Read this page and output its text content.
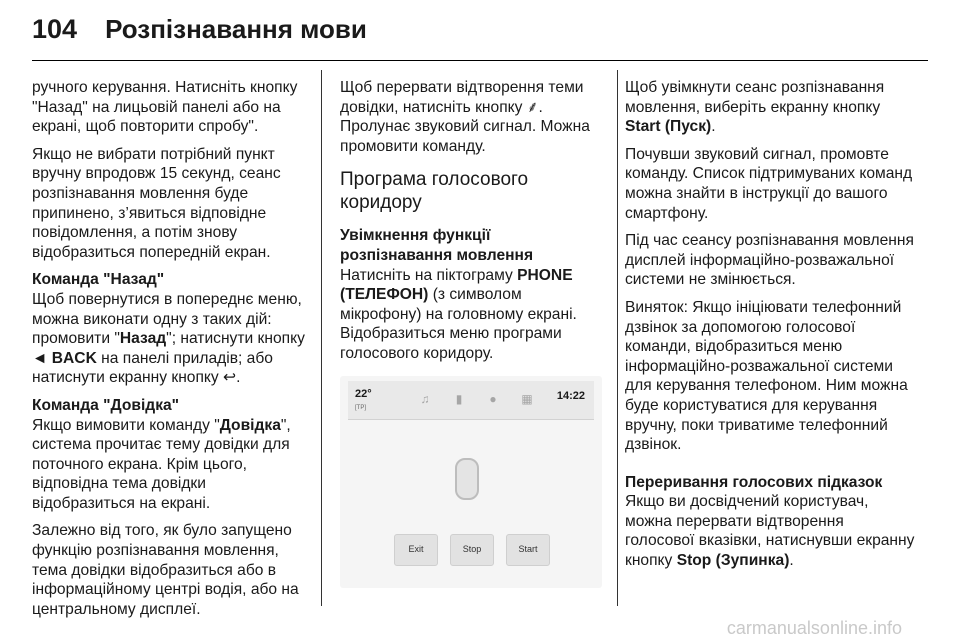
104 Розпізнавання мови

ручного керування. Натисніть кнопку "Назад" на лицьовій панелі або на екрані, щоб повторити спробу".

Якщо не вибрати потрібний пункт вручну впродовж 15 секунд, сеанс розпізнавання мовлення буде припинено, з’явиться відповідне повідомлення, а потім знову відобразиться попередній екран.

Команда "Назад"

Щоб повернутися в попереднє меню, можна виконати одну з таких дій: промовити "Назад"; натиснути кнопку ◄ BACK на панелі приладів; або натиснути екранну кнопку ↩.

Команда "Довідка"

Якщо вимовити команду "Довідка", система прочитає тему довідки для поточного екрана. Крім цього, відповідна тема довідки відобразиться на екрані.

Залежно від того, як було запущено функцію розпізнавання мовлення, тема довідки відобразиться або в інформаційному центрі водія, або на центральному дисплеї.

Щоб перервати відтворення теми довідки, натисніть кнопку ⸙. Пролунає звуковий сигнал. Можна промовити команду.

Програма голосового коридору
Увімкнення функції розпізнавання мовлення

Натисніть на піктограму PHONE (ТЕЛЕФОН) (з символом мікрофону) на головному екрані. Відобразиться меню програми голосового коридору.

22°
[TP]
♫	▮	●	▦	14:22
Exit	Stop	Start

Щоб увімкнути сеанс розпізнавання мовлення, виберіть екранну кнопку Start (Пуск).

Почувши звуковий сигнал, промовте команду. Список підтримуваних команд можна знайти в інструкції до вашого смартфону.

Під час сеансу розпізнавання мовлення дисплей інформаційно-розважальної системи не змінюється.

Виняток: Якщо ініціювати телефонний дзвінок за допомогою голосової команди, відобразиться меню інформаційно-розважальної системи для керування телефоном. Ним можна буде користуватися для керування вручну, поки триватиме телефонний дзвінок.

Переривання голосових підказок

Якщо ви досвідчений користувач, можна перервати відтворення голосової вказівки, натиснувши екранну кнопку Stop (Зупинка).

carmanualsonline.info
